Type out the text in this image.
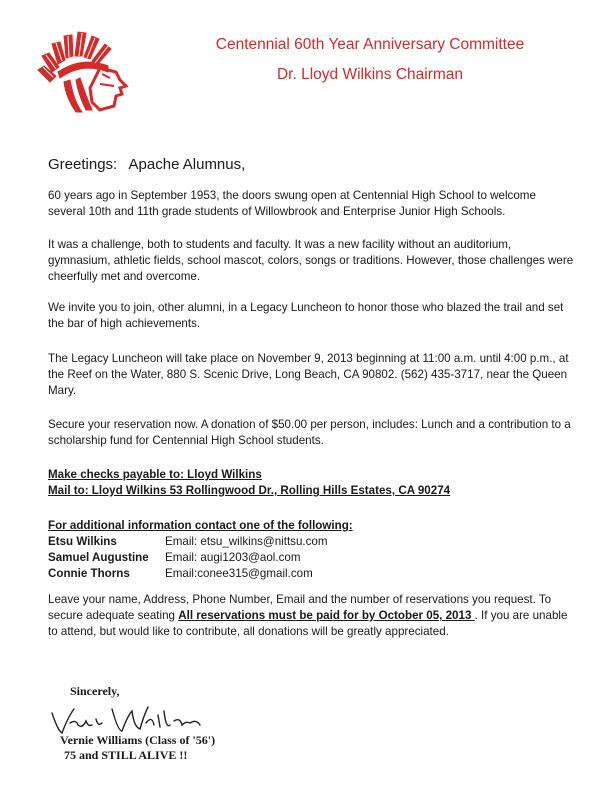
Centennial 60th Year Anniversary Committee
Dr. Lloyd Wilkins Chairman
Greetings: Apache Alumnus,
60 years ago in September 1953, the doors swung open at Centennial High School to welcome several 10th and 11th grade students of Willowbrook and Enterprise Junior High Schools.
It was a challenge, both to students and faculty. It was a new facility without an auditorium, gymnasium, athletic fields, school mascot, colors, songs or traditions. However, those challenges were cheerfully met and overcome.
We invite you to join, other alumni, in a Legacy Luncheon to honor those who blazed the trail and set the bar of high achievements.
The Legacy Luncheon will take place on November 9, 2013 beginning at 11:00 a.m. until 4:00 p.m., at the Reef on the Water, 880 S. Scenic Drive, Long Beach, CA 90802. (562) 435-3717, near the Queen Mary.
Secure your reservation now. A donation of $50.00 per person, includes: Lunch and a contribution to a scholarship fund for Centennial High School students.
Make checks payable to: Lloyd Wilkins
Mail to: Lloyd Wilkins 53 Rollingwood Dr., Rolling Hills Estates, CA 90274
For additional information contact one of the following:
Etsu Wilkins	Email: etsu_wilkins@nittsu.com
Samuel Augustine	Email: augi1203@aol.com
Connie Thorns	Email:conee315@gmail.com
Leave your name, Address, Phone Number, Email and the number of reservations you request. To secure adequate seating All reservations must be paid for by October 05, 2013 . If you are unable to attend, but would like to contribute, all donations will be greatly appreciated.
Sincerely,
Vernie Williams (Class of '56')
75 and STILL ALIVE !!
